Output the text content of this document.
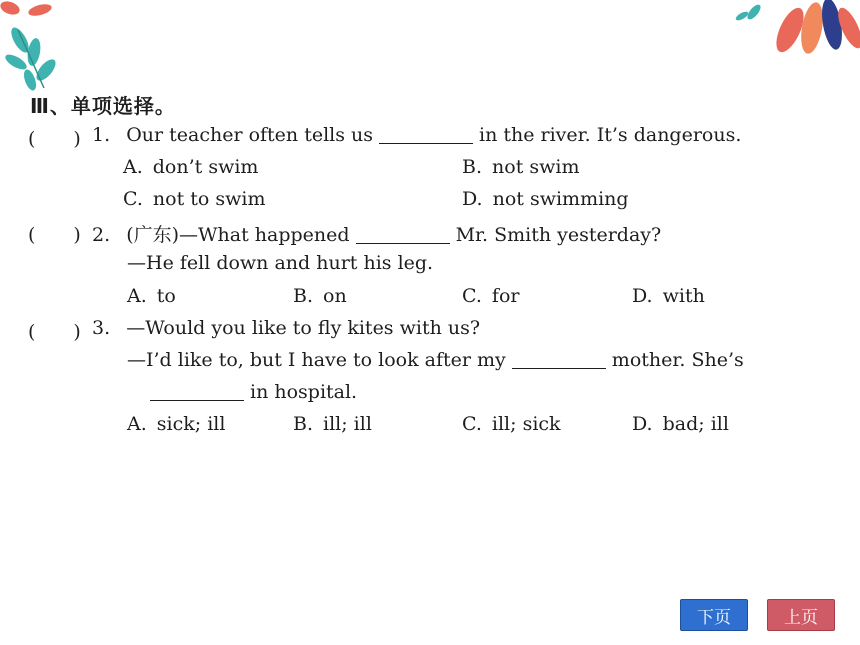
Ⅲ、单项选择。
(　　) 1. Our teacher often tells us	in the river. It’s dangerous.
A. don’t swim	B. not swim
C. not to swim	D. not swimming
(　　) 2. (广东)—What happened	Mr. Smith yesterday?
—He fell down and hurt his leg.
A. to	B. on	C. for	D. with
(　　) 3. —Would you like to fly kites with us?
—I’d like to, but I have to look after my	mother. She’s
in hospital.
A. sick; ill	B. ill; ill	C. ill; sick	D. bad; ill
下页	上页
